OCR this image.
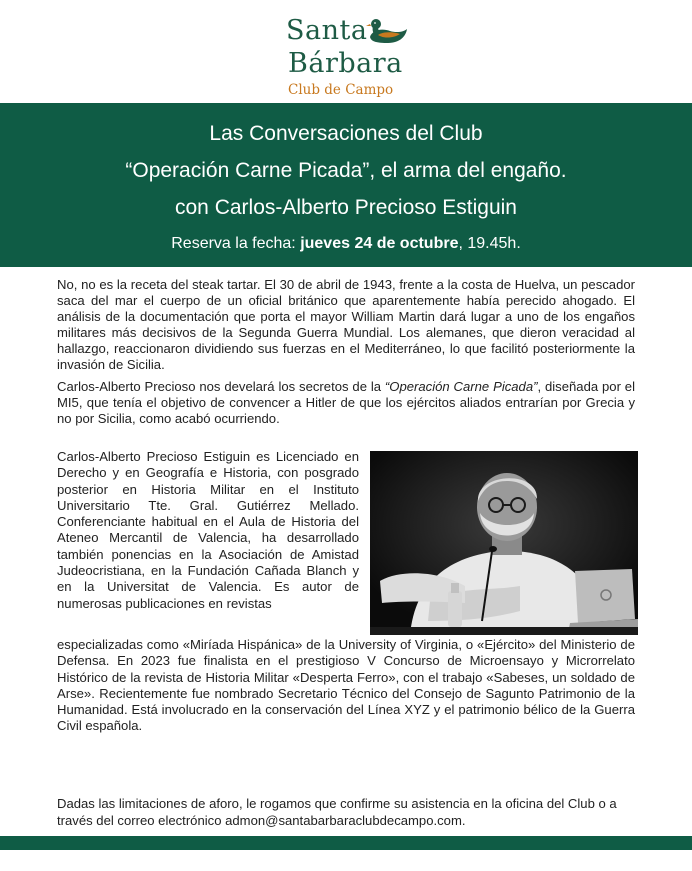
Santa
Bárbara
Club de Campo
Las Conversaciones del Club
“Operación Carne Picada”, el arma del engaño.
con Carlos-Alberto Precioso Estiguin
Reserva la fecha: jueves 24 de octubre, 19.45h.
No, no es la receta del steak tartar. El 30 de abril de 1943, frente a la costa de Huelva, un pescador saca del mar el cuerpo de un oficial británico que aparentemente había perecido ahogado. El análisis de la documentación que porta el mayor William Martin dará lugar a uno de los engaños militares más decisivos de la Segunda Guerra Mundial. Los alemanes, que dieron veracidad al hallazgo, reaccionaron dividiendo sus fuerzas en el Mediterráneo, lo que facilitó posteriormente la invasión de Sicilia.
Carlos-Alberto Precioso nos develará los secretos de la “Operación Carne Picada”, diseñada por el MI5, que tenía el objetivo de convencer a Hitler de que los ejércitos aliados entrarían por Grecia y no por Sicilia, como acabó ocurriendo.
Carlos-Alberto Precioso Estiguin es Licenciado en Derecho y en Geografía e Historia, con posgrado posterior en Historia Militar en el Instituto Universitario Tte. Gral. Gutiérrez Mellado. Conferenciante habitual en el Aula de Historia del Ateneo Mercantil de Valencia, ha desarrollado también ponencias en la Asociación de Amistad Judeocristiana, en la Fundación Cañada Blanch y en la Universitat de Valencia. Es autor de numerosas publicaciones en revistas
especializadas como «Miríada Hispánica» de la University of Virginia, o «Ejército» del Ministerio de Defensa. En 2023 fue finalista en el prestigioso V Concurso de Microensayo y Microrrelato Histórico de la revista de Historia Militar «Desperta Ferro», con el trabajo «Sabeses, un soldado de Arse». Recientemente fue nombrado Secretario Técnico del Consejo de Sagunto Patrimonio de la Humanidad. Está involucrado en la conservación del Línea XYZ y el patrimonio bélico de la Guerra Civil española.
Dadas las limitaciones de aforo, le rogamos que confirme su asistencia en la oficina del Club o a través del correo electrónico admon@santabarbaraclubdecampo.com.
